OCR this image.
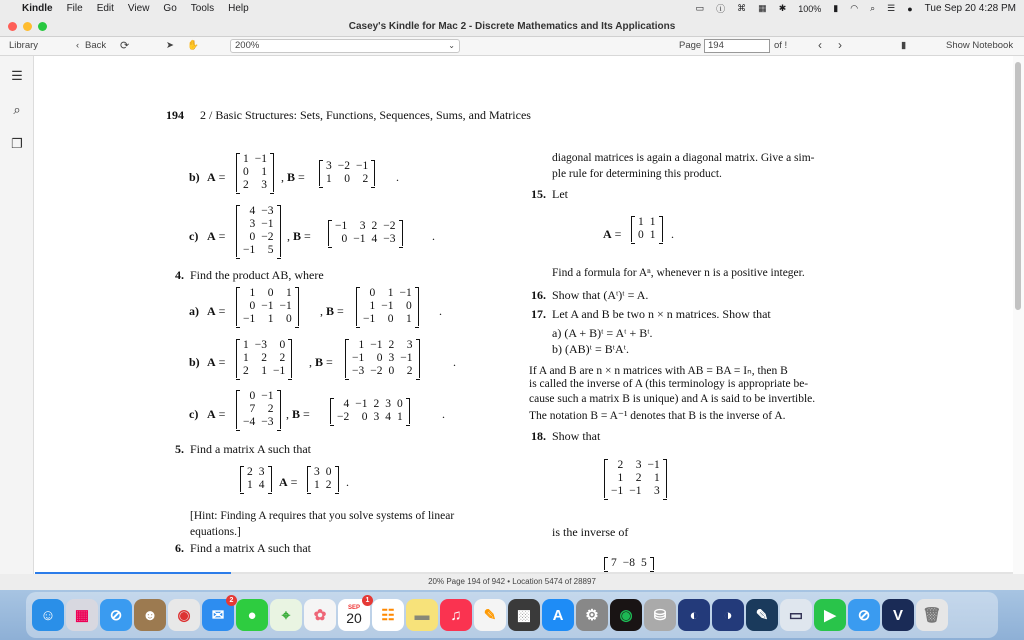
Kindle File Edit View Go Tools Help	▭ ⓘ ⌘ ▦ ✱ 100% ▮ ◠ ⌕ ☰ ● Tue Sep 20 4:28 PM
Casey's Kindle for Mac 2 - Discrete Mathematics and Its Applications
Library	‹ Back ⟳	➤ ✋	200%	⌄	Page 194	of !	‹ ›	▮	Show Notebook
☰
⌕
❐
194 2 / Basic Structures: Sets, Functions, Sequences, Sums, and Matrices
b) A =
1 −1
0	1
2	3
, B =
3 −2 −1
1	0	2 .
c) A =
4 −3
3 −1
0 −2
−1	5
, B =
−1	3 2 −2
0 −1 4 −3	.
4. Find the product AB, where
a) A =
1	0	1
0 −1 −1
−1	1	0
, B =
0	1 −1
1 −1	0
−1	0	1
.
b) A =
1 −3	0
1	2	2
2	1 −1
, B =
1 −1 2	3
−1	0 3 −1
−3 −2 0	2
.
c) A =
0 −1
7	2
−4 −3
, B =
4 −1 2 3 0
−2	0 3 4 1	.
5. Find a matrix A such that
2 3
1 4 A =
3 0
1 2 .
[Hint: Finding A requires that you solve systems of linear
equations.]
6. Find a matrix A such that
diagonal matrices is again a diagonal matrix. Give a sim-
ple rule for determining this product.
15. Let
A =
1 1
0 1 .
Find a formula for Aⁿ, whenever n is a positive integer.
16. Show that (Aᵗ)ᵗ = A.
17. Let A and B be two n × n matrices. Show that
a) (A + B)ᵗ = Aᵗ + Bᵗ.
b) (AB)ᵗ = BᵗAᵗ.
If A and B are n × n matrices with AB = BA = Iₙ, then B
is called the inverse of A (this terminology is appropriate be-
cause such a matrix B is unique) and A is said to be invertible.
The notation B = A⁻¹ denotes that B is the inverse of A.
18. Show that
2	3 −1
1	2	1
−1 −1	3
is the inverse of
7 −8 5
20% Page 194 of 942 • Location 5474 of 28897
☺	▦	⊘	☻	◉	✉
2
●	⌖	✿	SEP
20
1
☷	▬	♫	✎	▩	A	⚙	◉	⛁	◐	◑	✎	▭	▶	⊘	V	🗑
